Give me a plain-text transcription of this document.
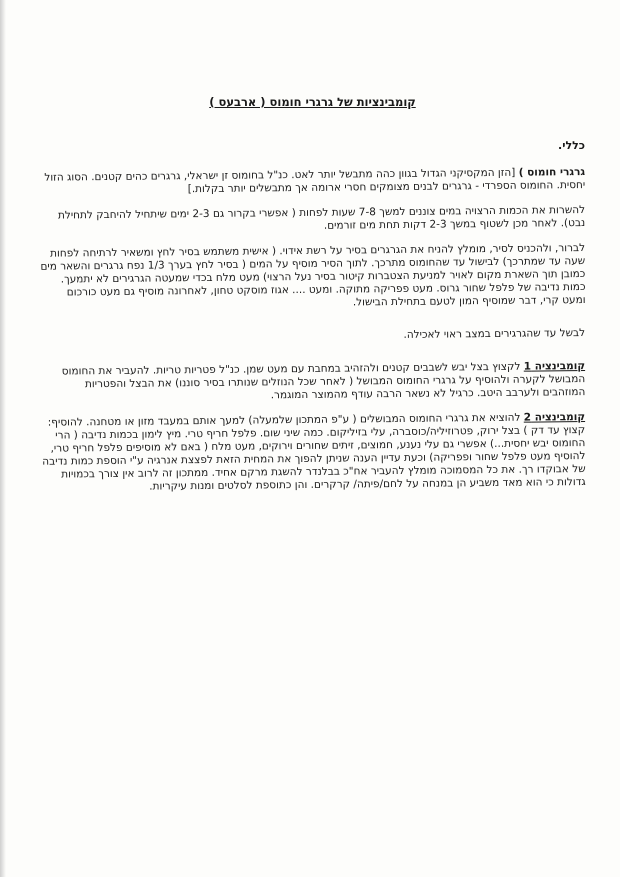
קומבינציות של גרגרי חומוס ( ארבעס )
כללי.

גרגרי חומוס ) [הזן המקסיקני הגדול בגוון כהה מתבשל יותר לאט. כנ"ל בחומוס זן ישראלי, גרגרים כהים קטנים. הסוג הזול יחסית. החומוס הספרדי - גרגרים לבנים מצומקים חסרי ארומה אך מתבשלים יותר בקלות.]

להשרות את הכמות הרצויה במים צוננים למשך 7-8 שעות לפחות ( אפשרי בקרור גם 2-3 ימים שיתחיל להיחבק לתחילת נבט). לאחר מכן לשטוף במשך 2-3 דקות תחת מים זורמים.

לברור, ולהכניס לסיר, מומלץ להניח את הגרגרים בסיר על רשת אידוי. ( אישית משתמש בסיר לחץ ומשאיר לרתיחה לפחות שעה עד שמתרכך) לבישול עד שהחומוס מתרכך. לתוך הסיר מוסיף על המים ( בסיר לחץ בערך 1/3 נפח גרגרים והשאר מים כמובן תוך השארת מקום לאויר למניעת הצטברות קיטור בסיר נעל הרצוי) מעט מלח בכדי שמעטה הגרגירים לא יתמעך. כמות נדיבה של פלפל שחור גרוס. מעט פפריקה מתוקה. ומעט .... אגוז מוסקט טחון, לאחרונה מוסיף גם מעט כורכום ומעט קרי, דבר שמוסיף המון לטעם בתחילת הבישול.

לבשל עד שהגרגירים במצב ראוי לאכילה.

קומבינציה 1 לקצוץ בצל יבש לשבבים קטנים ולהזהיב במחבת עם מעט שמן. כנ"ל פטריות טריות. להעביר את החומוס המבושל לקערה ולהוסיף על גרגרי החומוס המבושל ( לאחר שכל הנוזלים שנותרו בסיר סוננו) את הבצל והפטריות המוזהבים ולערבב היטב. כרגיל לא נשאר הרבה עודף מהמוצר המוגמר.

קומבינציה 2 להוציא את גרגרי החומוס המבושלים ( ע"פ המתכון שלמעלה) למעך אותם במעבד מזון או מטחנה. להוסיף: קצוץ עד דק ) בצל ירוק, פטרוזיליה/כוסברה, עלי בזיליקום. כמה שיני שום. פלפל חריף טרי. מיץ לימון בכמות נדיבה ( הרי החומוס יבש יחסית...) אפשרי גם עלי נענע, חמוצים, זיתים שחורים וירוקים, מעט מלח ( באם לא מוסיפים פלפל חריף טרי, להוסיף מעט פלפל שחור ופפריקה) וכעת עדיין הענה שניתן להפוך את המחית הזאת לפצצת אנרגיה ע"י הוספת כמות נדיבה של אבוקדו רך. את כל המסמוכה מומלץ להעביר אח"כ בבלנדר להשגת מרקם אחיד. ממתכון זה לרוב אין צורך בכמויות גדולות כי הוא מאד משביע הן במנחה על לחם/פיתה/ קרקרים. והן כתוספת לסלטים ומנות עיקריות.
